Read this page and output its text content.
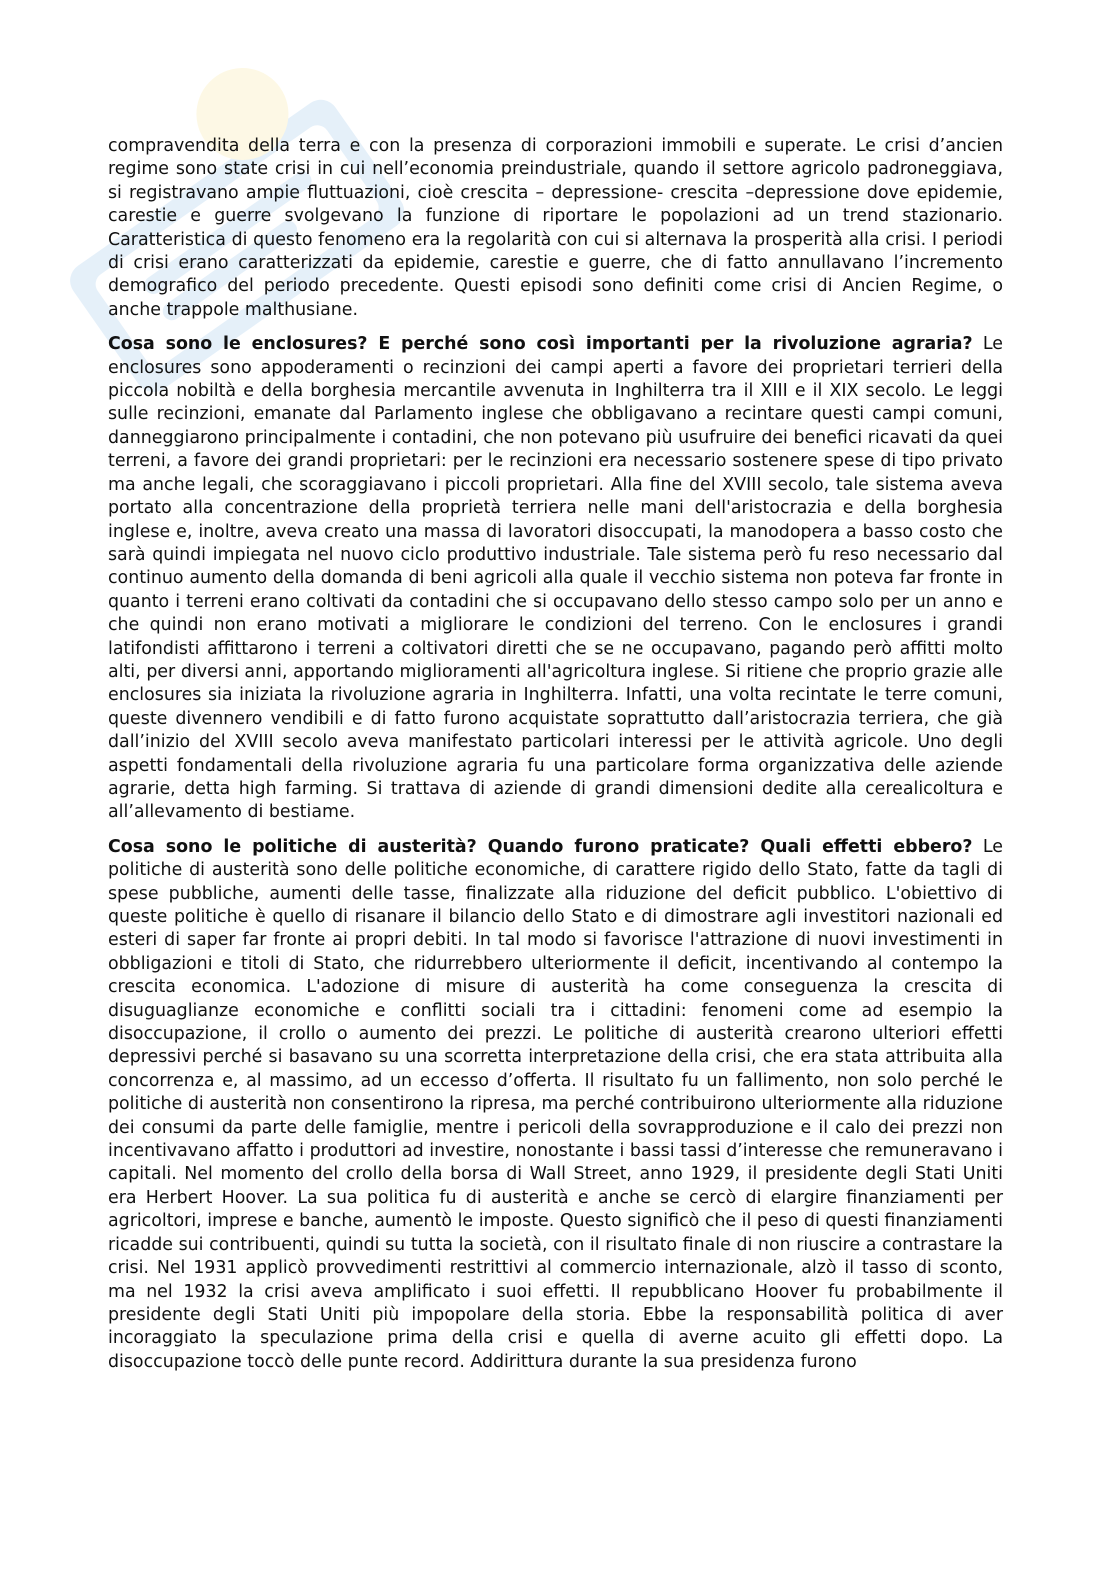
compravendita della terra e con la presenza di corporazioni immobili e superate. Le crisi d’ancien regime sono state crisi in cui nell’economia preindustriale, quando il settore agricolo padroneggiava, si registravano ampie fluttuazioni, cioè crescita – depressione- crescita –depressione dove epidemie, carestie e guerre svolgevano la funzione di riportare le popolazioni ad un trend stazionario. Caratteristica di questo fenomeno era la regolarità con cui si alternava la prosperità alla crisi. I periodi di crisi erano caratterizzati da epidemie, carestie e guerre, che di fatto annullavano l’incremento demografico del periodo precedente. Questi episodi sono definiti come crisi di Ancien Regime, o anche trappole malthusiane.

Cosa sono le enclosures? E perché sono così importanti per la rivoluzione agraria? Le enclosures sono appoderamenti o recinzioni dei campi aperti a favore dei proprietari terrieri della piccola nobiltà e della borghesia mercantile avvenuta in Inghilterra tra il XIII e il XIX secolo. Le leggi sulle recinzioni, emanate dal Parlamento inglese che obbligavano a recintare questi campi comuni, danneggiarono principalmente i contadini, che non potevano più usufruire dei benefici ricavati da quei terreni, a favore dei grandi proprietari: per le recinzioni era necessario sostenere spese di tipo privato ma anche legali, che scoraggiavano i piccoli proprietari. Alla fine del XVIII secolo, tale sistema aveva portato alla concentrazione della proprietà terriera nelle mani dell'aristocrazia e della borghesia inglese e, inoltre, aveva creato una massa di lavoratori disoccupati, la manodopera a basso costo che sarà quindi impiegata nel nuovo ciclo produttivo industriale. Tale sistema però fu reso necessario dal continuo aumento della domanda di beni agricoli alla quale il vecchio sistema non poteva far fronte in quanto i terreni erano coltivati da contadini che si occupavano dello stesso campo solo per un anno e che quindi non erano motivati a migliorare le condizioni del terreno. Con le enclosures i grandi latifondisti affittarono i terreni a coltivatori diretti che se ne occupavano, pagando però affitti molto alti, per diversi anni, apportando miglioramenti all'agricoltura inglese. Si ritiene che proprio grazie alle enclosures sia iniziata la rivoluzione agraria in Inghilterra. Infatti, una volta recintate le terre comuni, queste divennero vendibili e di fatto furono acquistate soprattutto dall’aristocrazia terriera, che già dall’inizio del XVIII secolo aveva manifestato particolari interessi per le attività agricole. Uno degli aspetti fondamentali della rivoluzione agraria fu una particolare forma organizzativa delle aziende agrarie, detta high farming. Si trattava di aziende di grandi dimensioni dedite alla cerealicoltura e all’allevamento di bestiame.

Cosa sono le politiche di austerità? Quando furono praticate? Quali effetti ebbero? Le politiche di austerità sono delle politiche economiche, di carattere rigido dello Stato, fatte da tagli di spese pubbliche, aumenti delle tasse, finalizzate alla riduzione del deficit pubblico. L'obiettivo di queste politiche è quello di risanare il bilancio dello Stato e di dimostrare agli investitori nazionali ed esteri di saper far fronte ai propri debiti. In tal modo si favorisce l'attrazione di nuovi investimenti in obbligazioni e titoli di Stato, che ridurrebbero ulteriormente il deficit, incentivando al contempo la crescita economica. L'adozione di misure di austerità ha come conseguenza la crescita di disuguaglianze economiche e conflitti sociali tra i cittadini: fenomeni come ad esempio la disoccupazione, il crollo o aumento dei prezzi. Le politiche di austerità crearono ulteriori effetti depressivi perché si basavano su una scorretta interpretazione della crisi, che era stata attribuita alla concorrenza e, al massimo, ad un eccesso d’offerta. Il risultato fu un fallimento, non solo perché le politiche di austerità non consentirono la ripresa, ma perché contribuirono ulteriormente alla riduzione dei consumi da parte delle famiglie, mentre i pericoli della sovrapproduzione e il calo dei prezzi non incentivavano affatto i produttori ad investire, nonostante i bassi tassi d’interesse che remuneravano i capitali. Nel momento del crollo della borsa di Wall Street, anno 1929, il presidente degli Stati Uniti era Herbert Hoover. La sua politica fu di austerità e anche se cercò di elargire finanziamenti per agricoltori, imprese e banche, aumentò le imposte. Questo significò che il peso di questi finanziamenti ricadde sui contribuenti, quindi su tutta la società, con il risultato finale di non riuscire a contrastare la crisi. Nel 1931 applicò provvedimenti restrittivi al commercio internazionale, alzò il tasso di sconto, ma nel 1932 la crisi aveva amplificato i suoi effetti. Il repubblicano Hoover fu probabilmente il presidente degli Stati Uniti più impopolare della storia. Ebbe la responsabilità politica di aver incoraggiato la speculazione prima della crisi e quella di averne acuito gli effetti dopo. La disoccupazione toccò delle punte record. Addirittura durante la sua presidenza furono
